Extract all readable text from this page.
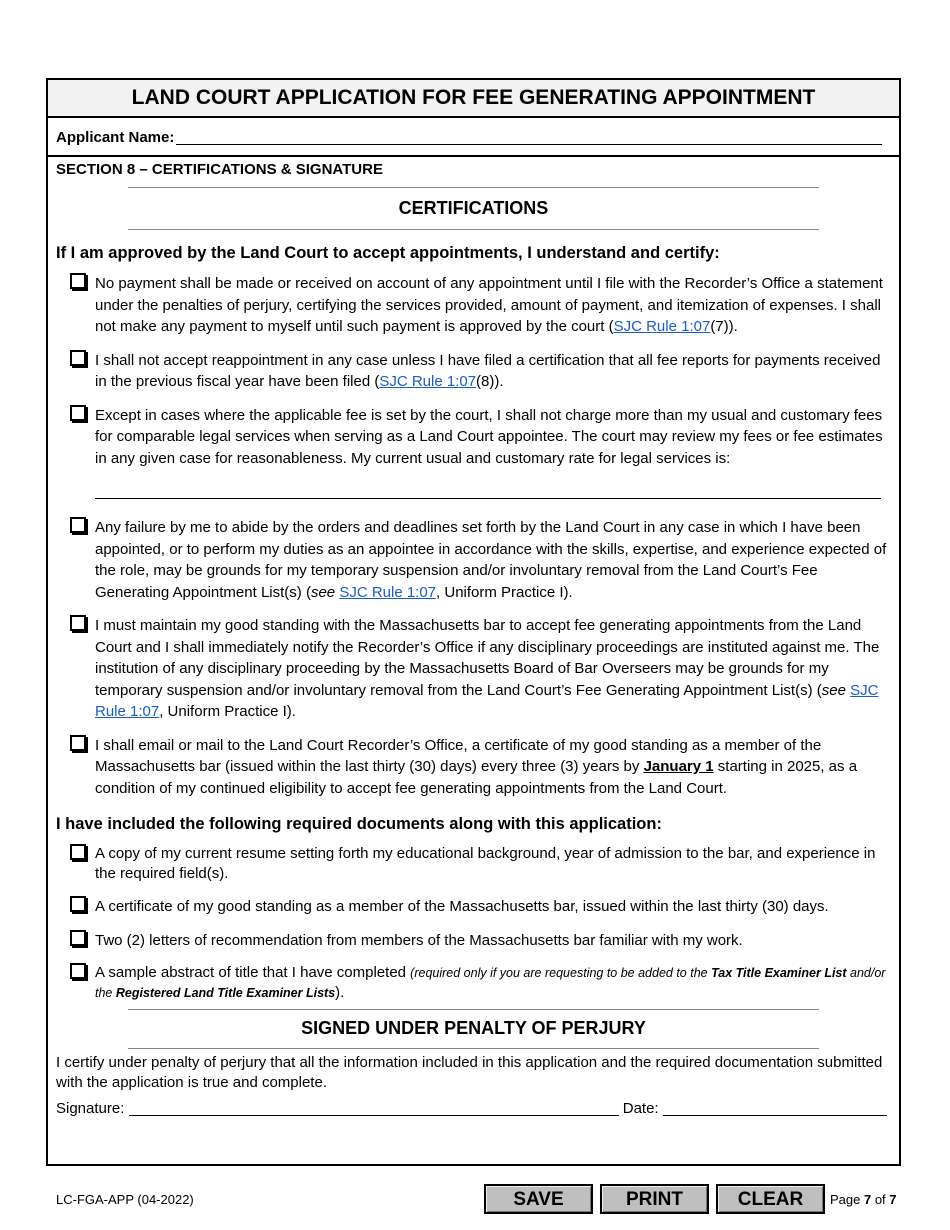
LAND COURT APPLICATION FOR FEE GENERATING APPOINTMENT
Applicant Name:
SECTION 8 – CERTIFICATIONS & SIGNATURE
CERTIFICATIONS
If I am approved by the Land Court to accept appointments, I understand and certify:
No payment shall be made or received on account of any appointment until I file with the Recorder’s Office a statement under the penalties of perjury, certifying the services provided, amount of payment, and itemization of expenses. I shall not make any payment to myself until such payment is approved by the court (SJC Rule 1:07(7)).
I shall not accept reappointment in any case unless I have filed a certification that all fee reports for payments received in the previous fiscal year have been filed (SJC Rule 1:07(8)).
Except in cases where the applicable fee is set by the court, I shall not charge more than my usual and customary fees for comparable legal services when serving as a Land Court appointee. The court may review my fees or fee estimates in any given case for reasonableness. My current usual and customary rate for legal services is:
Any failure by me to abide by the orders and deadlines set forth by the Land Court in any case in which I have been appointed, or to perform my duties as an appointee in accordance with the skills, expertise, and experience expected of the role, may be grounds for my temporary suspension and/or involuntary removal from the Land Court’s Fee Generating Appointment List(s) (see SJC Rule 1:07, Uniform Practice I).
I must maintain my good standing with the Massachusetts bar to accept fee generating appointments from the Land Court and I shall immediately notify the Recorder’s Office if any disciplinary proceedings are instituted against me. The institution of any disciplinary proceeding by the Massachusetts Board of Bar Overseers may be grounds for my temporary suspension and/or involuntary removal from the Land Court’s Fee Generating Appointment List(s) (see SJC Rule 1:07, Uniform Practice I).
I shall email or mail to the Land Court Recorder’s Office, a certificate of my good standing as a member of the Massachusetts bar (issued within the last thirty (30) days) every three (3) years by January 1 starting in 2025, as a condition of my continued eligibility to accept fee generating appointments from the Land Court.
I have included the following required documents along with this application:
A copy of my current resume setting forth my educational background, year of admission to the bar, and experience in the required field(s).
A certificate of my good standing as a member of the Massachusetts bar, issued within the last thirty (30) days.
Two (2) letters of recommendation from members of the Massachusetts bar familiar with my work.
A sample abstract of title that I have completed (required only if you are requesting to be added to the Tax Title Examiner List and/or the Registered Land Title Examiner Lists).
SIGNED UNDER PENALTY OF PERJURY
I certify under penalty of perjury that all the information included in this application and the required documentation submitted with the application is true and complete.
Signature:	Date:
LC-FGA-APP (04-2022)	SAVE	PRINT	CLEAR	Page 7 of 7
